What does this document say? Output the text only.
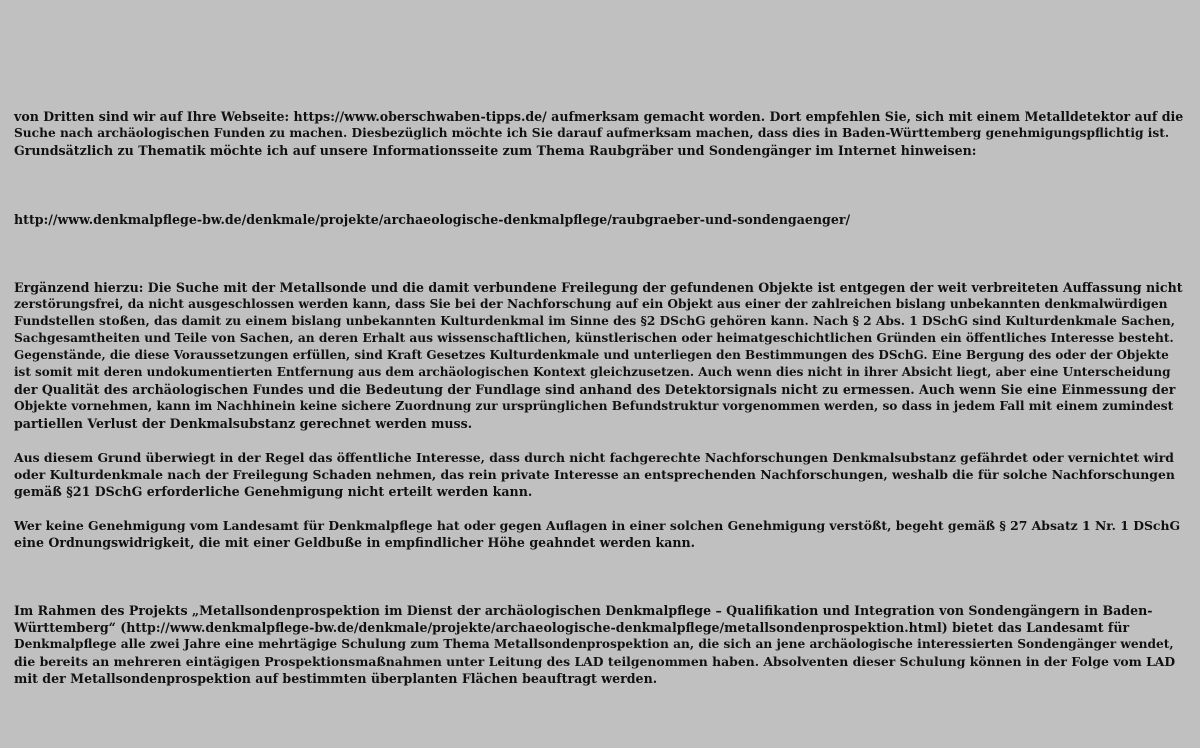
von Dritten sind wir auf Ihre Webseite: https://www.oberschwaben-tipps.de/ aufmerksam gemacht worden. Dort empfehlen Sie, sich mit einem Metalldetektor auf die
Suche nach archäologischen Funden zu machen. Diesbezüglich möchte ich Sie darauf aufmerksam machen, dass dies in Baden-Württemberg genehmigungspflichtig ist.
Grundsätzlich zu Thematik möchte ich auf unsere Informationsseite zum Thema Raubgräber und Sondengänger im Internet hinweisen:

http://www.denkmalpflege-bw.de/denkmale/projekte/archaeologische-denkmalpflege/raubgraeber-und-sondengaenger/

Ergänzend hierzu: Die Suche mit der Metallsonde und die damit verbundene Freilegung der gefundenen Objekte ist entgegen der weit verbreiteten Auffassung nicht
zerstörungsfrei, da nicht ausgeschlossen werden kann, dass Sie bei der Nachforschung auf ein Objekt aus einer der zahlreichen bislang unbekannten denkmalwürdigen
Fundstellen stoßen, das damit zu einem bislang unbekannten Kulturdenkmal im Sinne des §2 DSchG gehören kann. Nach § 2 Abs. 1 DSchG sind Kulturdenkmale Sachen,
Sachgesamtheiten und Teile von Sachen, an deren Erhalt aus wissenschaftlichen, künstlerischen oder heimatgeschichtlichen Gründen ein öffentliches Interesse besteht.
Gegenstände, die diese Voraussetzungen erfüllen, sind Kraft Gesetzes Kulturdenkmale und unterliegen den Bestimmungen des DSchG. Eine Bergung des oder der Objekte
ist somit mit deren undokumentierten Entfernung aus dem archäologischen Kontext gleichzusetzen. Auch wenn dies nicht in ihrer Absicht liegt, aber eine Unterscheidung
der Qualität des archäologischen Fundes und die Bedeutung der Fundlage sind anhand des Detektorsignals nicht zu ermessen. Auch wenn Sie eine Einmessung der
Objekte vornehmen, kann im Nachhinein keine sichere Zuordnung zur ursprünglichen Befundstruktur vorgenommen werden, so dass in jedem Fall mit einem zumindest
partiellen Verlust der Denkmalsubstanz gerechnet werden muss.

Aus diesem Grund überwiegt in der Regel das öffentliche Interesse, dass durch nicht fachgerechte Nachforschungen Denkmalsubstanz gefährdet oder vernichtet wird
oder Kulturdenkmale nach der Freilegung Schaden nehmen, das rein private Interesse an entsprechenden Nachforschungen, weshalb die für solche Nachforschungen
gemäß §21 DSchG erforderliche Genehmigung nicht erteilt werden kann.

Wer keine Genehmigung vom Landesamt für Denkmalpflege hat oder gegen Auflagen in einer solchen Genehmigung verstößt, begeht gemäß § 27 Absatz 1 Nr. 1 DSchG
eine Ordnungswidrigkeit, die mit einer Geldbuße in empfindlicher Höhe geahndet werden kann.

Im Rahmen des Projekts „Metallsondenprospektion im Dienst der archäologischen Denkmalpflege – Qualifikation und Integration von Sondengängern in Baden-
Württemberg“ (http://www.denkmalpflege-bw.de/denkmale/projekte/archaeologische-denkmalpflege/metallsondenprospektion.html) bietet das Landesamt für
Denkmalpflege alle zwei Jahre eine mehrtägige Schulung zum Thema Metallsondenprospektion an, die sich an jene archäologische interessierten Sondengänger wendet,
die bereits an mehreren eintägigen Prospektionsmaßnahmen unter Leitung des LAD teilgenommen haben. Absolventen dieser Schulung können in der Folge vom LAD
mit der Metallsondenprospektion auf bestimmten überplanten Flächen beauftragt werden.
